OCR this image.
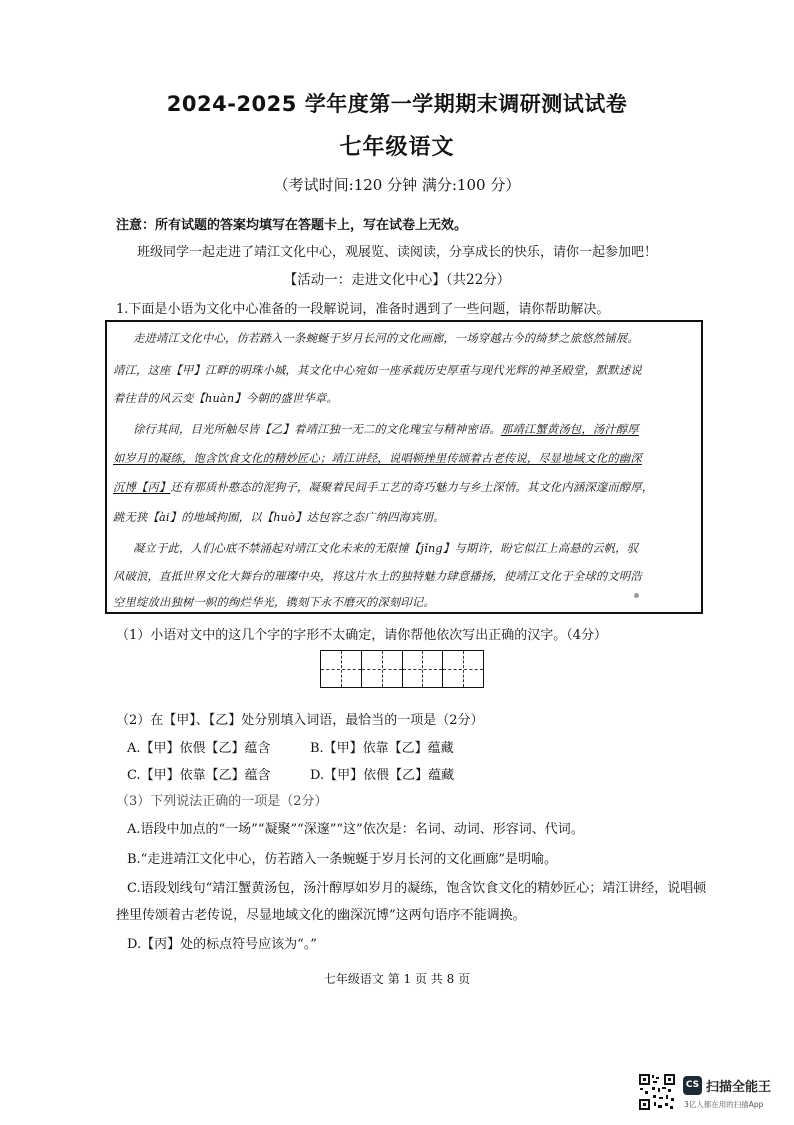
2024-2025 学年度第一学期期末调研测试试卷
七年级语文
（考试时间:120 分钟 满分:100 分）
注意：所有试题的答案均填写在答题卡上，写在试卷上无效。
班级同学一起走进了靖江文化中心，观展览、读阅读，分享成长的快乐，请你一起参加吧！
【活动一：走进文化中心】（共22分）
1.下面是小语为文化中心准备的一段解说词，准备时遇到了一些问题，请你帮助解决。
走进靖江文化中心，仿若踏入一条蜿蜒于岁月长河的文化画廊，一场穿越古今的绮梦之旅悠然铺展。
靖江，这座【甲】江畔的明珠小城，其文化中心宛如一座承载历史厚重与现代光辉的神圣殿堂，默默述说
着往昔的风云变【huàn】今朝的盛世华章。
徐行其间，目光所触尽皆【乙】着靖江独一无二的文化瑰宝与精神密语。那靖江蟹黄汤包，汤汁醇厚
如岁月的凝练，饱含饮食文化的精妙匠心；靖江讲经，说唱顿挫里传颂着古老传说，尽显地域文化的幽深
沉博【丙】还有那质朴憨态的泥狗子，凝聚着民间手工艺的奇巧魅力与乡土深情。其文化内涵深邃而醇厚，
跳无狭【ài】的地域拘囿，以【huò】达包容之态广纳四海宾朋。
凝立于此，人们心底不禁涌起对靖江文化未来的无限憧【jǐng】与期许，盼它似江上高悬的云帆，驭
风破浪，直抵世界文化大舞台的璀璨中央，将这片水土的独特魅力肆意播扬，使靖江文化于全球的文明浩
空里绽放出独树一帜的绚烂华光，镌刻下永不磨灭的深刻印记。
（1）小语对文中的这几个字的字形不太确定，请你帮他依次写出正确的汉字。（4分）
（2）在【甲】、【乙】处分别填入词语，最恰当的一项是（2分）
A.【甲】依偎【乙】蕴含	B.【甲】依靠【乙】蕴藏
C.【甲】依靠【乙】蕴含	D.【甲】依偎【乙】蕴藏
（3）下列说法正确的一项是（2分）
A.语段中加点的“一场”“凝聚”“深邃”“这”依次是：名词、动词、形容词、代词。
B.“走进靖江文化中心，仿若踏入一条蜿蜒于岁月长河的文化画廊”是明喻。
C.语段划线句“靖江蟹黄汤包，汤汁醇厚如岁月的凝练，饱含饮食文化的精妙匠心；靖江讲经，说唱顿
挫里传颂着古老传说，尽显地域文化的幽深沉博”这两句语序不能调换。
D.【丙】处的标点符号应该为“。”
七年级语文 第 1 页 共 8 页
CS 扫描全能王
3亿人都在用的扫描App
